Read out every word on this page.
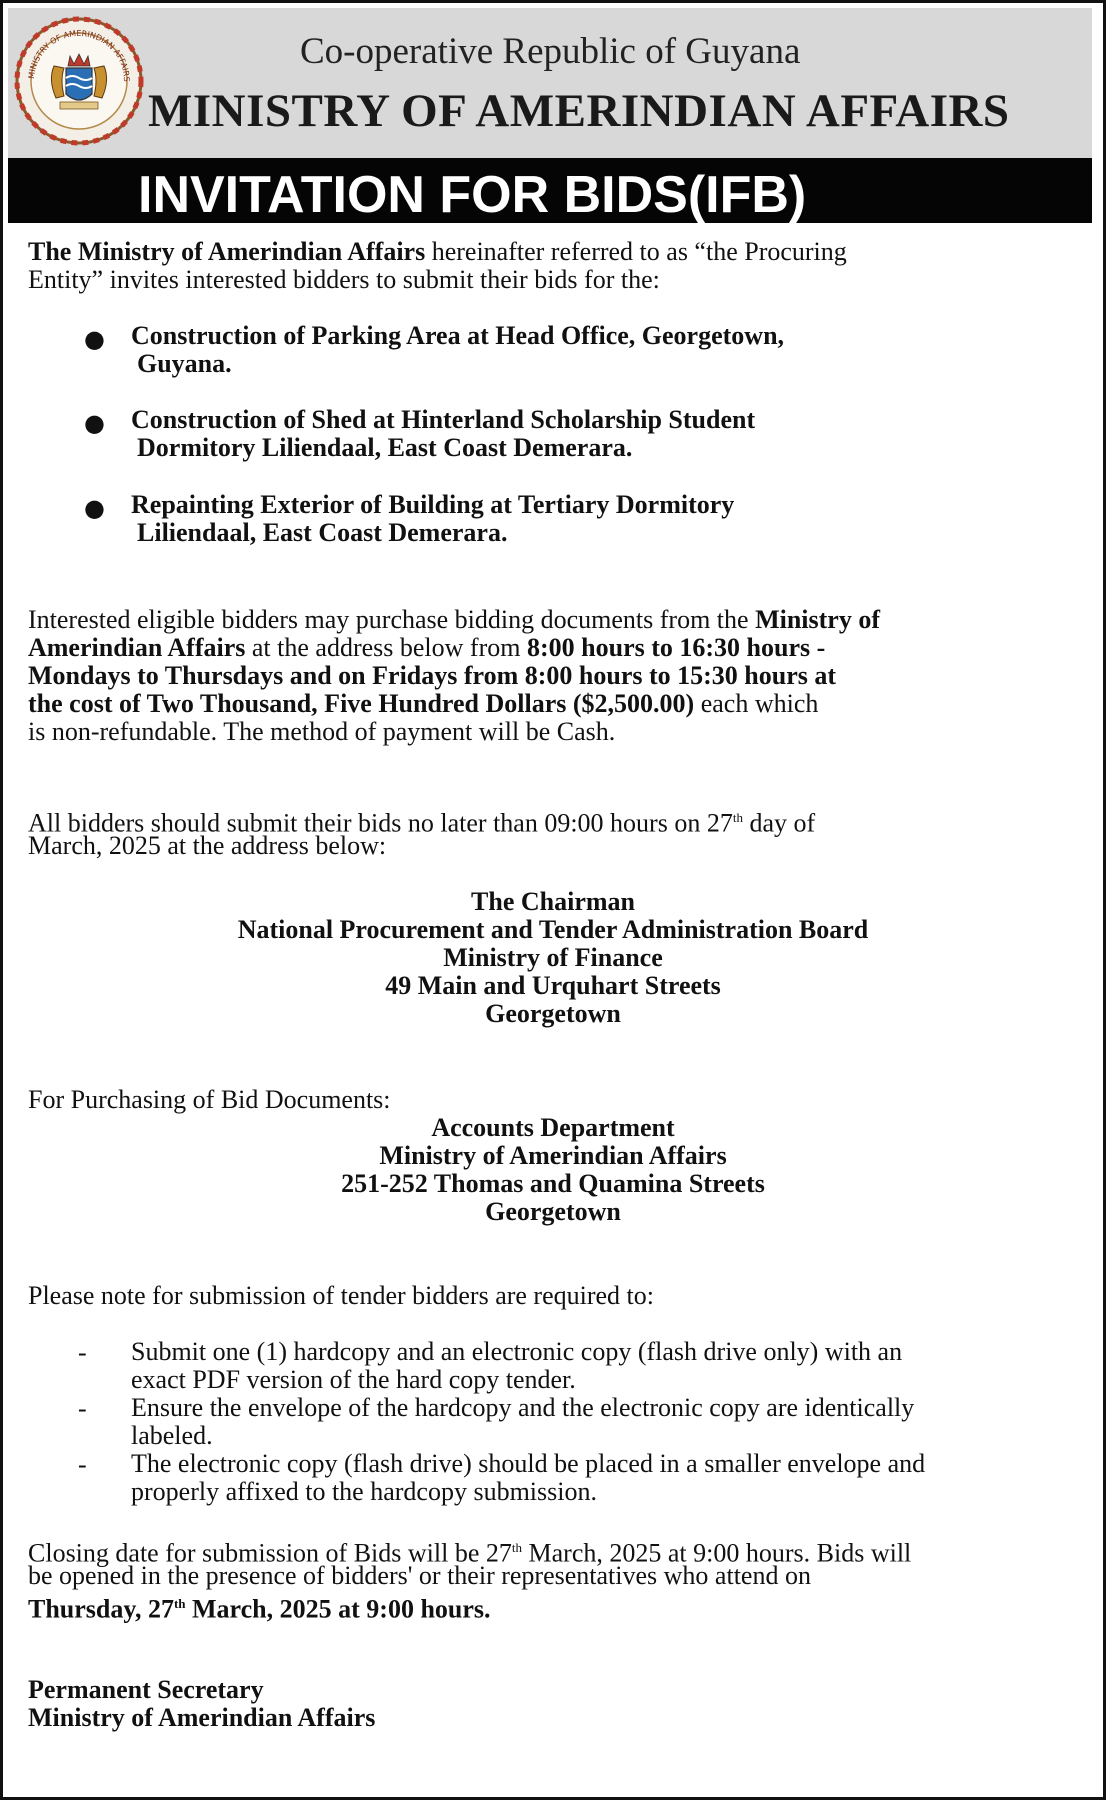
MINISTRY OF AMERINDIAN AFFAIRS
Co-operative Republic of Guyana
MINISTRY OF AMERINDIAN AFFAIRS
INVITATION FOR BIDS(IFB)
The Ministry of Amerindian Affairs hereinafter referred to as “the Procuring
Entity” invites interested bidders to submit their bids for the:
● Construction of Parking Area at Head Office, Georgetown,
Guyana.
● Construction of Shed at Hinterland Scholarship Student
Dormitory Liliendaal, East Coast Demerara.
● Repainting Exterior of Building at Tertiary Dormitory
Liliendaal, East Coast Demerara.
Interested eligible bidders may purchase bidding documents from the Ministry of
Amerindian Affairs at the address below from 8:00 hours to 16:30 hours -
Mondays to Thursdays and on Fridays from 8:00 hours to 15:30 hours at
the cost of Two Thousand, Five Hundred Dollars ($2,500.00) each which
is non-refundable. The method of payment will be Cash.
All bidders should submit their bids no later than 09:00 hours on 27th day of
March, 2025 at the address below:
The Chairman
National Procurement and Tender Administration Board
Ministry of Finance
49 Main and Urquhart Streets
Georgetown
For Purchasing of Bid Documents:
Accounts Department
Ministry of Amerindian Affairs
251-252 Thomas and Quamina Streets
Georgetown
Please note for submission of tender bidders are required to:
- Submit one (1) hardcopy and an electronic copy (flash drive only) with an
exact PDF version of the hard copy tender.
- Ensure the envelope of the hardcopy and the electronic copy are identically
labeled.
- The electronic copy (flash drive) should be placed in a smaller envelope and
properly affixed to the hardcopy submission.
Closing date for submission of Bids will be 27th March, 2025 at 9:00 hours. Bids will
be opened in the presence of bidders' or their representatives who attend on
Thursday, 27th March, 2025 at 9:00 hours.
Permanent Secretary
Ministry of Amerindian Affairs
